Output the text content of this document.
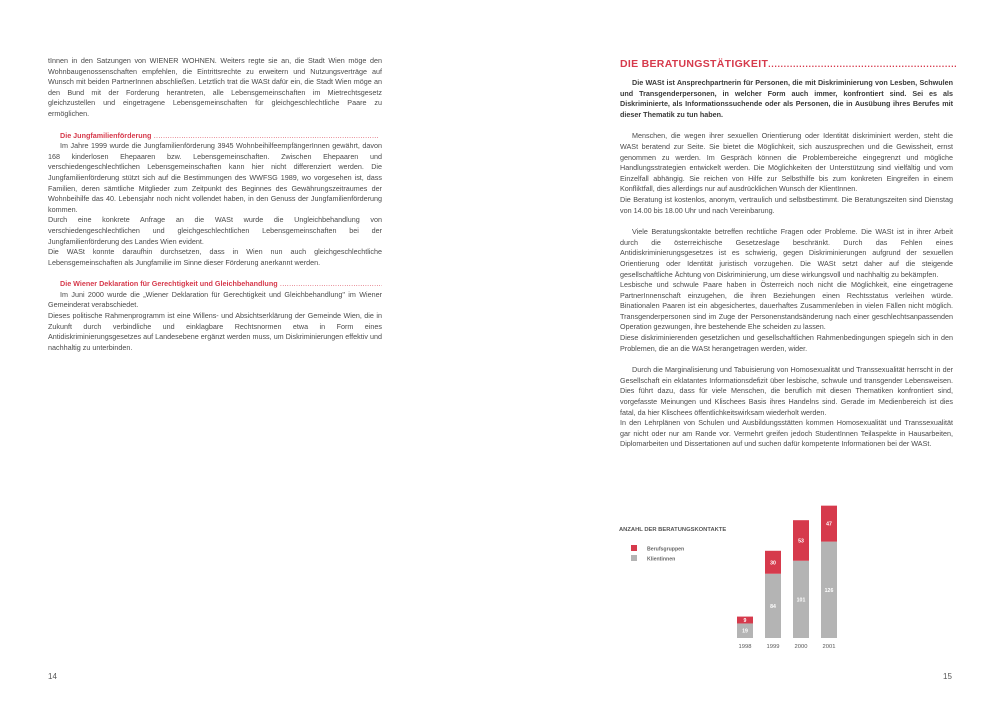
tInnen in den Satzungen von WIENER WOHNEN. Weiters regte sie an, die Stadt Wien möge den Wohnbaugenossenschaften empfehlen, die Eintrittsrechte zu erweitern und Nutzungsverträge auf Wunsch mit beiden PartnerInnen abschließen. Letztlich trat die WASt dafür ein, die Stadt Wien möge an den Bund mit der Forderung herantreten, alle Lebensgemeinschaften im Mietrechtsgesetz gleichzustellen und eingetragene Lebensgemeinschaften für gleichgeschlechtliche Paare zu ermöglichen.

Die Jungfamilienförderung .....

Im Jahre 1999 wurde die Jungfamilienförderung 3945 WohnbeihilfeempfängerInnen gewährt, davon 168 kinderlosen Ehepaaren bzw. Lebensgemeinschaften. Zwischen Ehepaaren und verschiedengeschlechtlichen Lebensgemeinschaften kann hier nicht differenziert werden. Die Jungfamilienförderung stützt sich auf die Bestimmungen des WWFSG 1989, wo vorgesehen ist, dass Familien, deren sämtliche Mitglieder zum Zeitpunkt des Beginnes des Gewährungszeitraumes der Wohnbeihilfe das 40. Lebensjahr noch nicht vollendet haben, in den Genuss der Jungfamilienförderung kommen.

Durch eine konkrete Anfrage an die WASt wurde die Ungleichbehandlung von verschiedengeschlechtlichen und gleichgeschlechtlichen Lebensgemeinschaften bei der Jungfamilienförderung des Landes Wien evident.

Die WASt konnte daraufhin durchsetzen, dass in Wien nun auch gleichgeschlechtliche Lebensgemeinschaften als Jungfamilie im Sinne dieser Förderung anerkannt werden.

Die Wiener Deklaration für Gerechtigkeit und Gleichbehandlung .....

Im Juni 2000 wurde die „Wiener Deklaration für Gerechtigkeit und Gleichbehandlung" im Wiener Gemeinderat verabschiedet.

Dieses politische Rahmenprogramm ist eine Willens- und Absichtserklärung der Gemeinde Wien, die in Zukunft durch verbindliche und einklagbare Rechtsnormen etwa in Form eines Antidiskriminierungsgesetzes auf Landesebene ergänzt werden muss, um Diskriminierungen effektiv und nachhaltig zu unterbinden.

DIE BERATUNGSTÄTIGKEIT .....

Die WASt ist Ansprechpartnerin für Personen, die mit Diskriminierung von Lesben, Schwulen und Transgenderpersonen, in welcher Form auch immer, konfrontiert sind. Sei es als Diskriminierte, als Informationssuchende oder als Personen, die in Ausübung ihres Berufes mit dieser Thematik zu tun haben.

Menschen, die wegen ihrer sexuellen Orientierung oder Identität diskriminiert werden, steht die WASt beratend zur Seite. Sie bietet die Möglichkeit, sich auszusprechen und die Gewissheit, ernst genommen zu werden. Im Gespräch können die Problembereiche eingegrenzt und mögliche Handlungsstrategien entwickelt werden. Die Möglichkeiten der Unterstützung sind vielfältig und vom Einzelfall abhängig. Sie reichen von Hilfe zur Selbsthilfe bis zum konkreten Eingreifen in einem Konfliktfall, dies allerdings nur auf ausdrücklichen Wunsch der KlientInnen.

Die Beratung ist kostenlos, anonym, vertraulich und selbstbestimmt. Die Beratungszeiten sind Dienstag von 14.00 bis 18.00 Uhr und nach Vereinbarung.

Viele Beratungskontakte betreffen rechtliche Fragen oder Probleme. Die WASt ist in ihrer Arbeit durch die österreichische Gesetzeslage beschränkt. Durch das Fehlen eines Antidiskriminierungsgesetzes ist es schwierig, gegen Diskriminierungen aufgrund der sexuellen Orientierung oder Identität juristisch vorzugehen. Die WASt setzt daher auf die steigende gesellschaftliche Ächtung von Diskriminierung, um diese wirkungsvoll und nachhaltig zu bekämpfen.

Lesbische und schwule Paare haben in Österreich noch nicht die Möglichkeit, eine eingetragene PartnerInnenschaft einzugehen, die ihren Beziehungen einen Rechtsstatus verleihen würde. Binationalen Paaren ist ein abgesichertes, dauerhaftes Zusammenleben in vielen Fällen nicht möglich. Transgenderpersonen sind im Zuge der Personenstandsänderung nach einer geschlechtsanpassenden Operation gezwungen, ihre bestehende Ehe scheiden zu lassen.

Diese diskriminierenden gesetzlichen und gesellschaftlichen Rahmenbedingungen spiegeln sich in den Problemen, die an die WASt herangetragen werden, wider.

Durch die Marginalisierung und Tabuisierung von Homosexualität und Transsexualität herrscht in der Gesellschaft ein eklatantes Informationsdefizit über lesbische, schwule und transgender Lebensweisen. Dies führt dazu, dass für viele Menschen, die beruflich mit diesen Thematiken konfrontiert sind, vorgefasste Meinungen und Klischees Basis ihres Handelns sind. Gerade im Medienbereich ist dies fatal, da hier Klischees öffentlichkeitswirksam wiederholt werden.

In den Lehrplänen von Schulen und Ausbildungsstätten kommen Homosexualität und Transsexualität gar nicht oder nur am Rande vor. Vermehrt greifen jedoch StudentInnen Teilaspekte in Hausarbeiten, Diplomarbeiten und Dissertationen auf und suchen dafür kompetente Informationen bei der WASt.

ANZAHL DER BERATUNGSKONTAKTE
Berufsgruppen
Klientinnen
19
9
1998
84
30
1999
101
53
2000
126
47
2001
14	15
